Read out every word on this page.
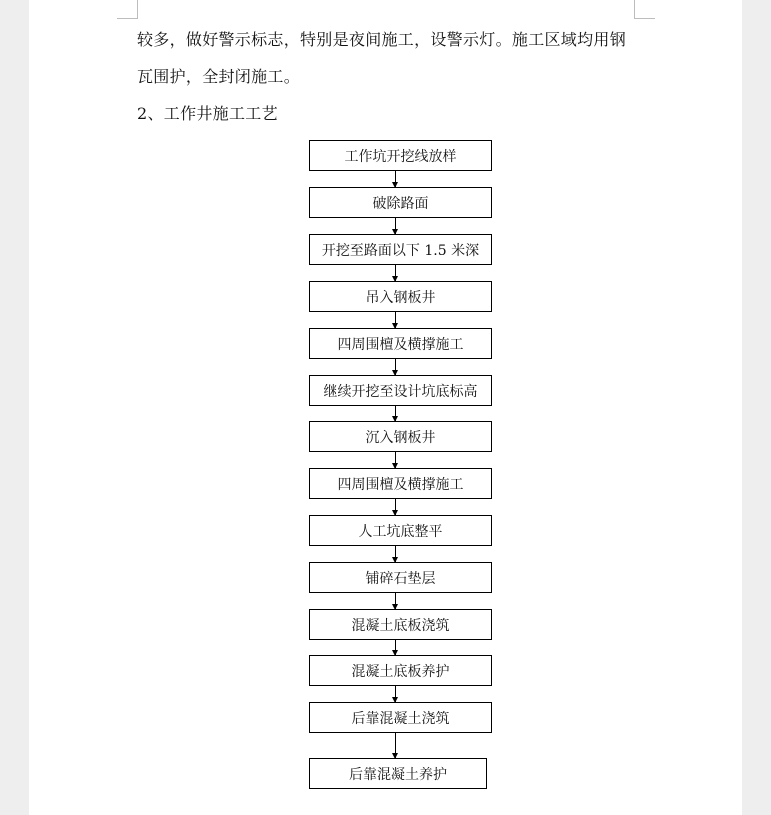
较多，做好警示标志，特别是夜间施工，设警示灯。施工区域均用钢

瓦围护，全封闭施工。

2、工作井施工工艺

工作坑开挖线放样
破除路面
开挖至路面以下 1.5 米深
吊入钢板井
四周围檀及横撑施工
继续开挖至设计坑底标高
沉入钢板井
四周围檀及横撑施工
人工坑底整平
铺碎石垫层
混凝土底板浇筑
混凝土底板养护
后靠混凝土浇筑
后靠混凝土养护
